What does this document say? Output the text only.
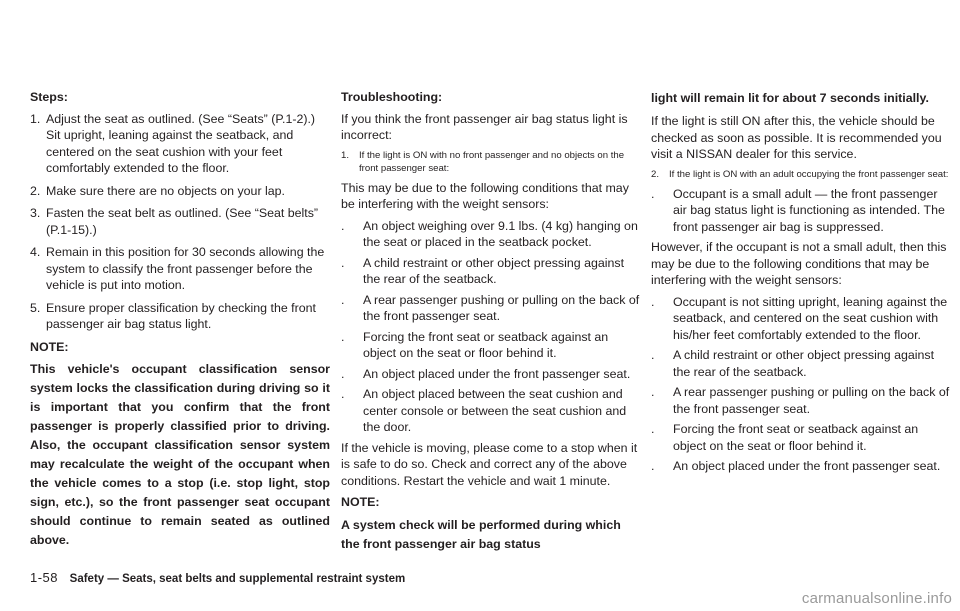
Steps:
1. Adjust the seat as outlined. (See “Seats” (P.1-2).) Sit upright, leaning against the seatback, and centered on the seat cushion with your feet comfortably extended to the floor.
2. Make sure there are no objects on your lap.
3. Fasten the seat belt as outlined. (See “Seat belts” (P.1-15).)
4. Remain in this position for 30 seconds allowing the system to classify the front passenger before the vehicle is put into motion.
5. Ensure proper classification by checking the front passenger air bag status light.
NOTE:
This vehicle's occupant classification sensor system locks the classification during driving so it is important that you confirm that the front passenger is properly classified prior to driving. Also, the occupant classification sensor system may recalculate the weight of the occupant when the vehicle comes to a stop (i.e. stop light, stop sign, etc.), so the front passenger seat occupant should continue to remain seated as outlined above.
Troubleshooting:

If you think the front passenger air bag status light is incorrect:

1.	If the light is ON with no front passenger and no objects on the front passenger seat:

This may be due to the following conditions that may be interfering with the weight sensors:

.	An object weighing over 9.1 lbs. (4 kg) hanging on the seat or placed in the seatback pocket.
.	A child restraint or other object pressing against the rear of the seatback.
.	A rear passenger pushing or pulling on the back of the front passenger seat.
.	Forcing the front seat or seatback against an object on the seat or floor behind it.
.	An object placed under the front passenger seat.
.	An object placed between the seat cushion and center console or between the seat cushion and the door.

If the vehicle is moving, please come to a stop when it is safe to do so. Check and correct any of the above conditions. Restart the vehicle and wait 1 minute.

NOTE:
A system check will be performed during which the front passenger air bag status
light will remain lit for about 7 seconds initially.

If the light is still ON after this, the vehicle should be checked as soon as possible. It is recommended you visit a NISSAN dealer for this service.

2.	If the light is ON with an adult occupying the front passenger seat:
.	Occupant is a small adult — the front passenger air bag status light is functioning as intended. The front passenger air bag is suppressed.

However, if the occupant is not a small adult, then this may be due to the following conditions that may be interfering with the weight sensors:

.	Occupant is not sitting upright, leaning against the seatback, and centered on the seat cushion with his/her feet comfortably extended to the floor.
.	A child restraint or other object pressing against the rear of the seatback.
.	A rear passenger pushing or pulling on the back of the front passenger seat.
.	Forcing the front seat or seatback against an object on the seat or floor behind it.
.	An object placed under the front passenger seat.
1-58 Safety — Seats, seat belts and supplemental restraint system
carmanualsonline.info
